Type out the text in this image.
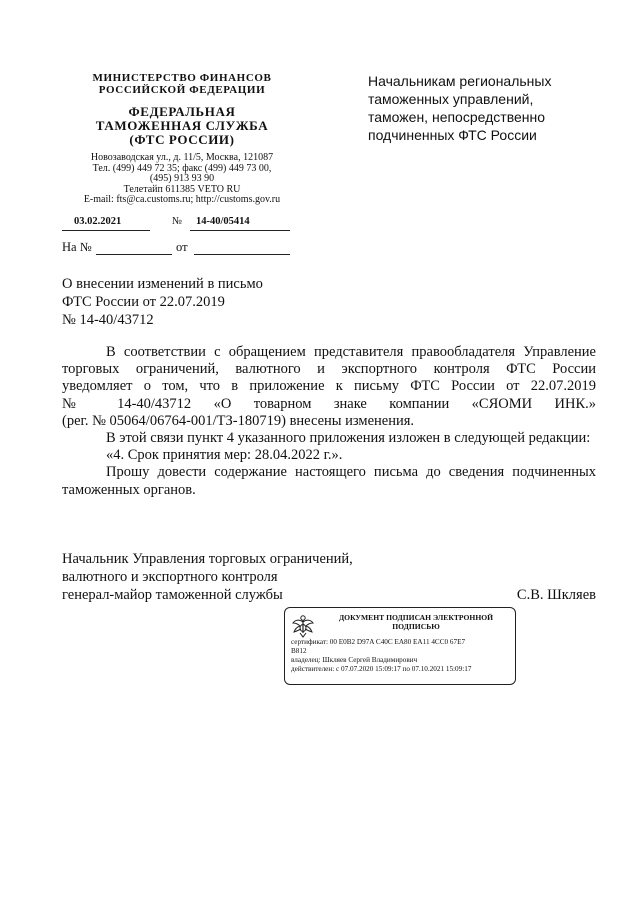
МИНИСТЕРСТВО ФИНАНСОВ
РОССИЙСКОЙ ФЕДЕРАЦИИ
ФЕДЕРАЛЬНАЯ
ТАМОЖЕННАЯ СЛУЖБА
(ФТС РОССИИ)
Новозаводская ул., д. 11/5, Москва, 121087
Тел. (499) 449 72 35; факс (499) 449 73 00,
(495) 913 93 90
Телетайп 611385 VETO RU
E-mail: fts@ca.customs.ru; http://customs.gov.ru
03.02.2021	№	14-40/05414
На №	от
Начальникам региональных
таможенных управлений,
таможен, непосредственно
подчиненных ФТС России
О внесении изменений в письмо
ФТС России от 22.07.2019
№ 14-40/43712
В соответствии с обращением представителя правообладателя Управление
торговых ограничений, валютного и экспортного контроля ФТС России
уведомляет о том, что в приложение к письму ФТС России от 22.07.2019
№ 14-40/43712 «О товарном знаке компании «СЯОМИ ИНК.»
(рег. № 05064/06764-001/ТЗ-180719) внесены изменения.
В этой связи пункт 4 указанного приложения изложен в следующей редакции:
«4. Срок принятия мер: 28.04.2022 г.».
Прошу довести содержание настоящего письма до сведения подчиненных
таможенных органов.
Начальник Управления торговых ограничений,
валютного и экспортного контроля
генерал-майор таможенной службы	С.В. Шкляев
ДОКУМЕНТ ПОДПИСАН ЭЛЕКТРОННОЙ
ПОДПИСЬЮ
сертификат: 00 E0B2 D97A C40C EA80 EA11 4CC0 67E7
B812
владелец: Шкляев Сергей Владимирович
действителен: с 07.07.2020 15:09:17 по 07.10.2021 15:09:17
